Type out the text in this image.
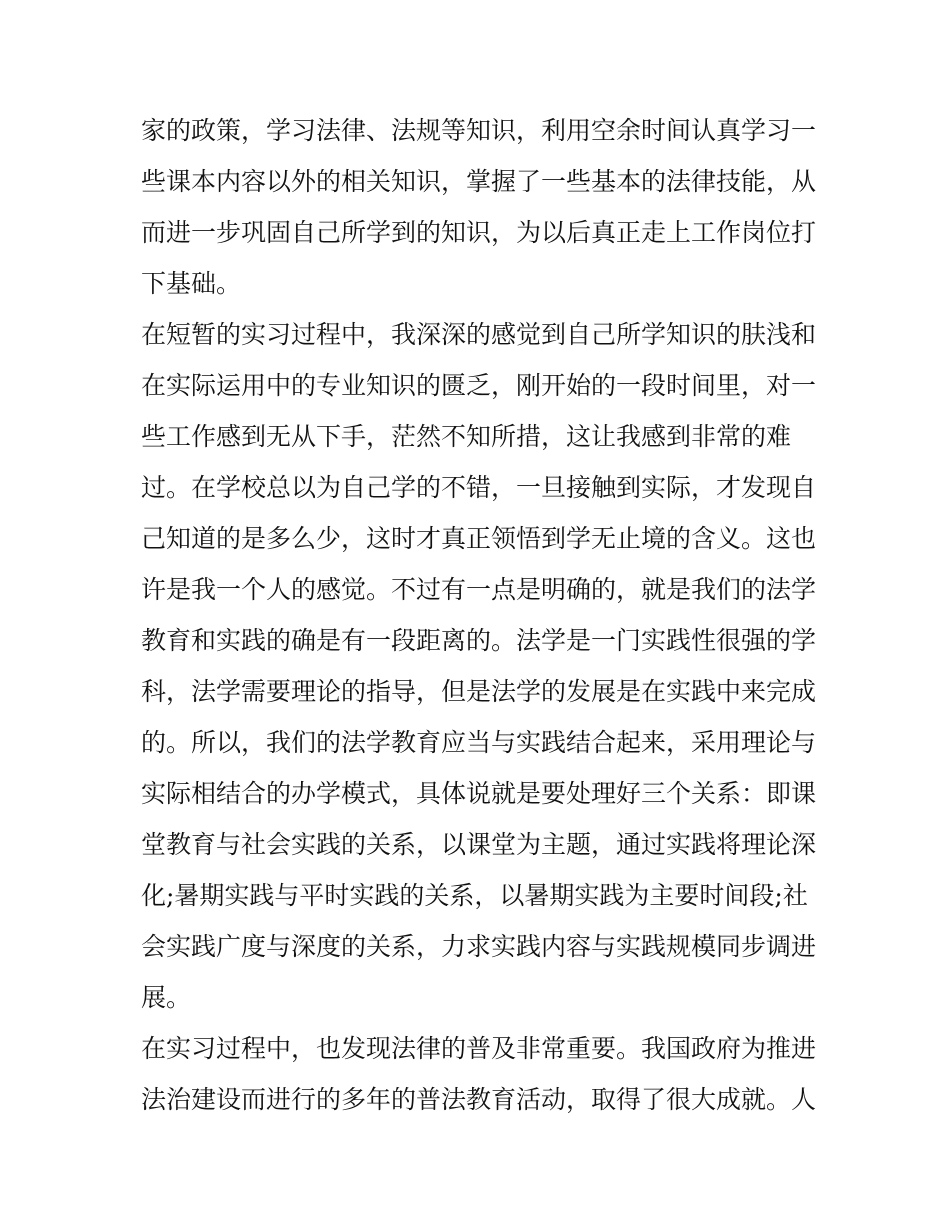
家的政策，学习法律、法规等知识，利用空余时间认真学习一
些课本内容以外的相关知识，掌握了一些基本的法律技能，从
而进一步巩固自己所学到的知识，为以后真正走上工作岗位打
下基础。
在短暂的实习过程中，我深深的感觉到自己所学知识的肤浅和
在实际运用中的专业知识的匮乏，刚开始的一段时间里，对一
些工作感到无从下手，茫然不知所措，这让我感到非常的难
过。在学校总以为自己学的不错，一旦接触到实际，才发现自
己知道的是多么少，这时才真正领悟到学无止境的含义。这也
许是我一个人的感觉。不过有一点是明确的，就是我们的法学
教育和实践的确是有一段距离的。法学是一门实践性很强的学
科，法学需要理论的指导，但是法学的发展是在实践中来完成
的。所以，我们的法学教育应当与实践结合起来，采用理论与
实际相结合的办学模式，具体说就是要处理好三个关系：即课
堂教育与社会实践的关系，以课堂为主题，通过实践将理论深
化;暑期实践与平时实践的关系，以暑期实践为主要时间段;社
会实践广度与深度的关系，力求实践内容与实践规模同步调进
展。
在实习过程中，也发现法律的普及非常重要。我国政府为推进
法治建设而进行的多年的普法教育活动，取得了很大成就。人
